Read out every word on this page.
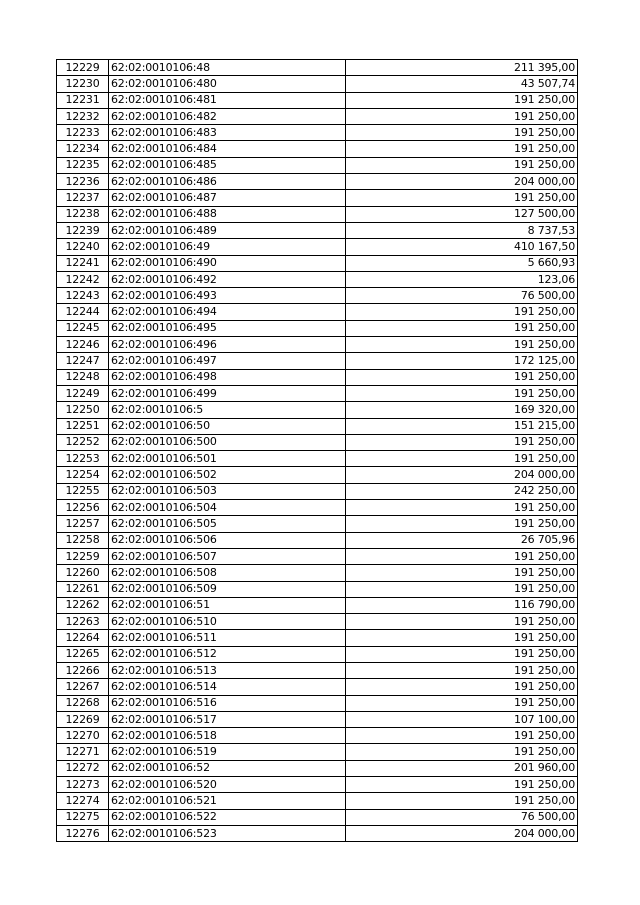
12229	62:02:0010106:48	211 395,00
12230	62:02:0010106:480	43 507,74
12231	62:02:0010106:481	191 250,00
12232	62:02:0010106:482	191 250,00
12233	62:02:0010106:483	191 250,00
12234	62:02:0010106:484	191 250,00
12235	62:02:0010106:485	191 250,00
12236	62:02:0010106:486	204 000,00
12237	62:02:0010106:487	191 250,00
12238	62:02:0010106:488	127 500,00
12239	62:02:0010106:489	8 737,53
12240	62:02:0010106:49	410 167,50
12241	62:02:0010106:490	5 660,93
12242	62:02:0010106:492	123,06
12243	62:02:0010106:493	76 500,00
12244	62:02:0010106:494	191 250,00
12245	62:02:0010106:495	191 250,00
12246	62:02:0010106:496	191 250,00
12247	62:02:0010106:497	172 125,00
12248	62:02:0010106:498	191 250,00
12249	62:02:0010106:499	191 250,00
12250	62:02:0010106:5	169 320,00
12251	62:02:0010106:50	151 215,00
12252	62:02:0010106:500	191 250,00
12253	62:02:0010106:501	191 250,00
12254	62:02:0010106:502	204 000,00
12255	62:02:0010106:503	242 250,00
12256	62:02:0010106:504	191 250,00
12257	62:02:0010106:505	191 250,00
12258	62:02:0010106:506	26 705,96
12259	62:02:0010106:507	191 250,00
12260	62:02:0010106:508	191 250,00
12261	62:02:0010106:509	191 250,00
12262	62:02:0010106:51	116 790,00
12263	62:02:0010106:510	191 250,00
12264	62:02:0010106:511	191 250,00
12265	62:02:0010106:512	191 250,00
12266	62:02:0010106:513	191 250,00
12267	62:02:0010106:514	191 250,00
12268	62:02:0010106:516	191 250,00
12269	62:02:0010106:517	107 100,00
12270	62:02:0010106:518	191 250,00
12271	62:02:0010106:519	191 250,00
12272	62:02:0010106:52	201 960,00
12273	62:02:0010106:520	191 250,00
12274	62:02:0010106:521	191 250,00
12275	62:02:0010106:522	76 500,00
12276	62:02:0010106:523	204 000,00
